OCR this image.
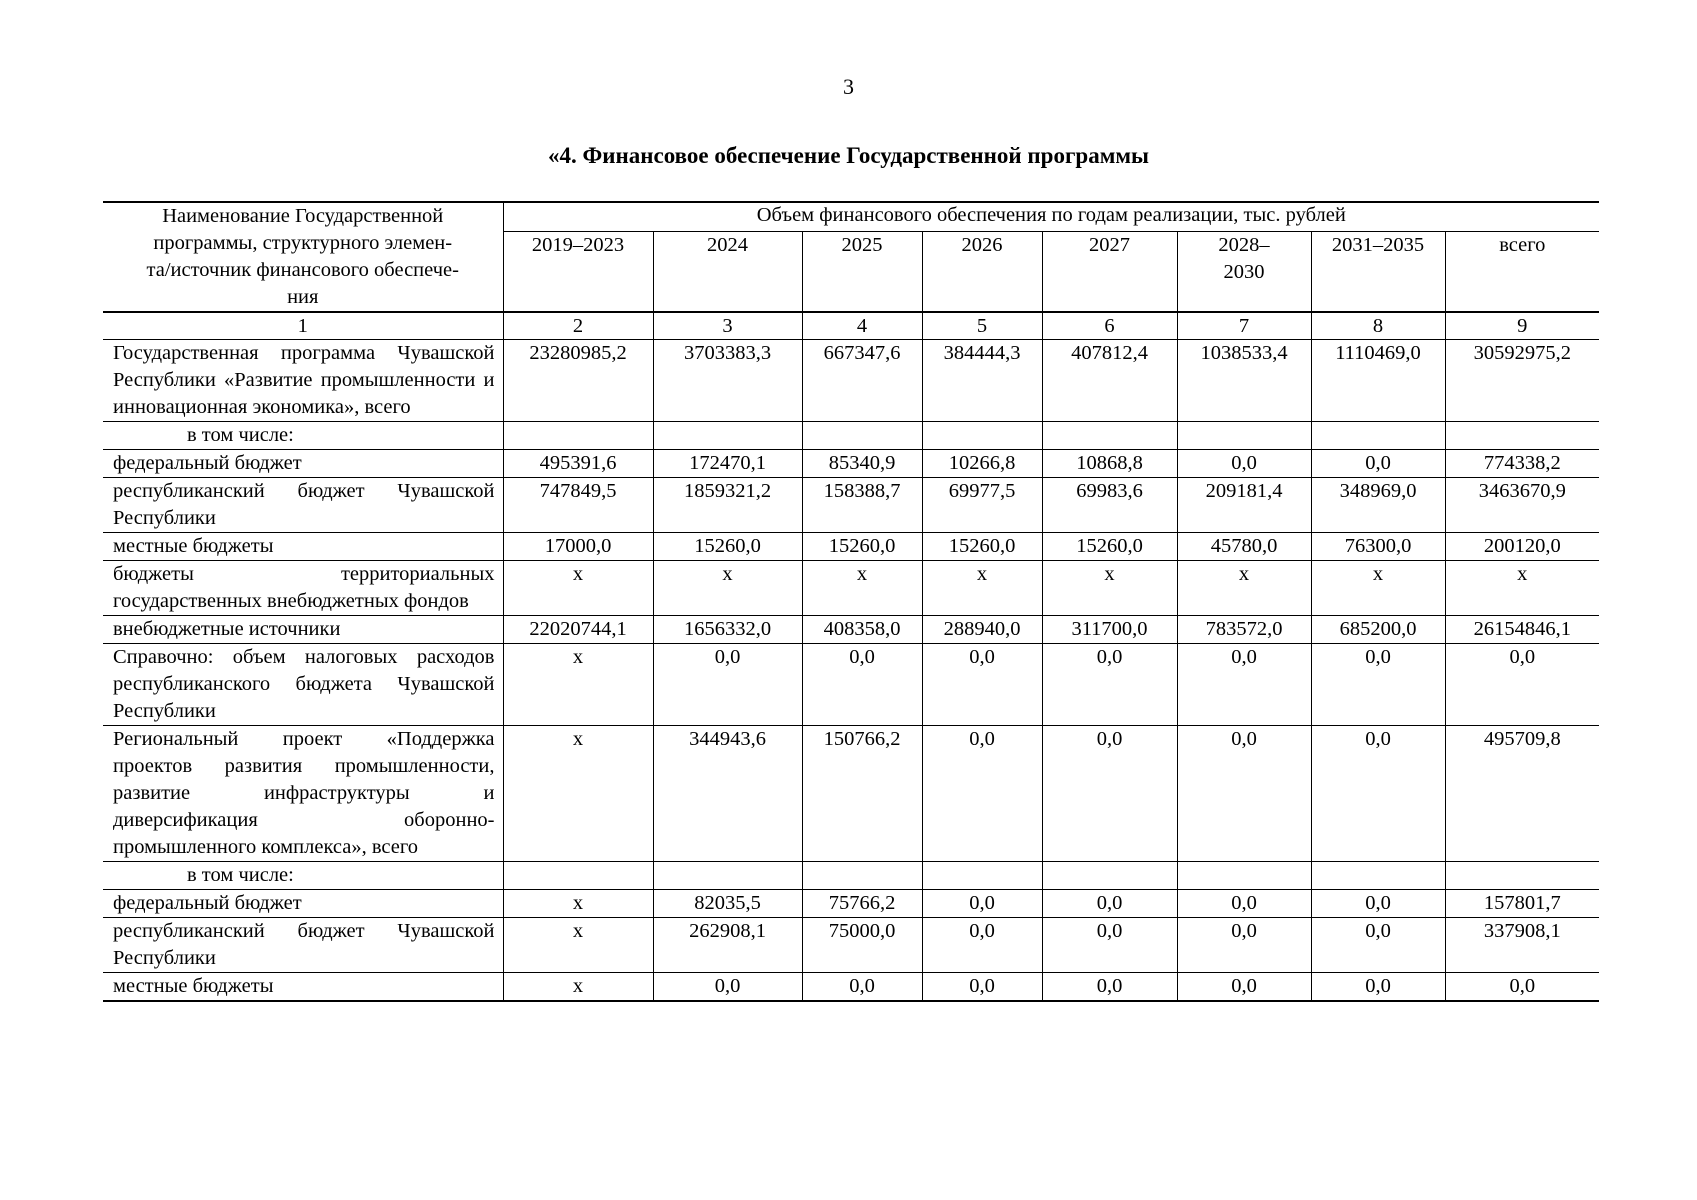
3
«4. Финансовое обеспечение Государственной программы
Наименование Государственной
программы, структурного элемен-
та/источник финансового обеспече-
ния	Объем финансового обеспечения по годам реализации, тыс. рублей							
	2019–2023	2024	2025	2026	2027	2028–
2030	2031–2035	всего
1	2	3	4	5	6	7	8	9
Государственная программа Чувашской Республики «Развитие промышленности и инновационная экономика», всего	23280985,2	3703383,3	667347,6	384444,3	407812,4	1038533,4	1110469,0	30592975,2
в том числе:								
федеральный бюджет	495391,6	172470,1	85340,9	10266,8	10868,8	0,0	0,0	774338,2
республиканский бюджет Чувашской Республики	747849,5	1859321,2	158388,7	69977,5	69983,6	209181,4	348969,0	3463670,9
местные бюджеты	17000,0	15260,0	15260,0	15260,0	15260,0	45780,0	76300,0	200120,0
бюджеты территориальных государственных внебюджетных фондов	х	х	х	х	х	х	х	х
внебюджетные источники	22020744,1	1656332,0	408358,0	288940,0	311700,0	783572,0	685200,0	26154846,1
Справочно: объем налоговых расходов республиканского бюджета Чувашской Республики	х	0,0	0,0	0,0	0,0	0,0	0,0	0,0
Региональный проект «Поддержка проектов развития промышленности, развитие инфраструктуры и диверсификация оборонно-промышленного комплекса», всего	х	344943,6	150766,2	0,0	0,0	0,0	0,0	495709,8
в том числе:								
федеральный бюджет	х	82035,5	75766,2	0,0	0,0	0,0	0,0	157801,7
республиканский бюджет Чувашской Республики	х	262908,1	75000,0	0,0	0,0	0,0	0,0	337908,1
местные бюджеты	х	0,0	0,0	0,0	0,0	0,0	0,0	0,0
